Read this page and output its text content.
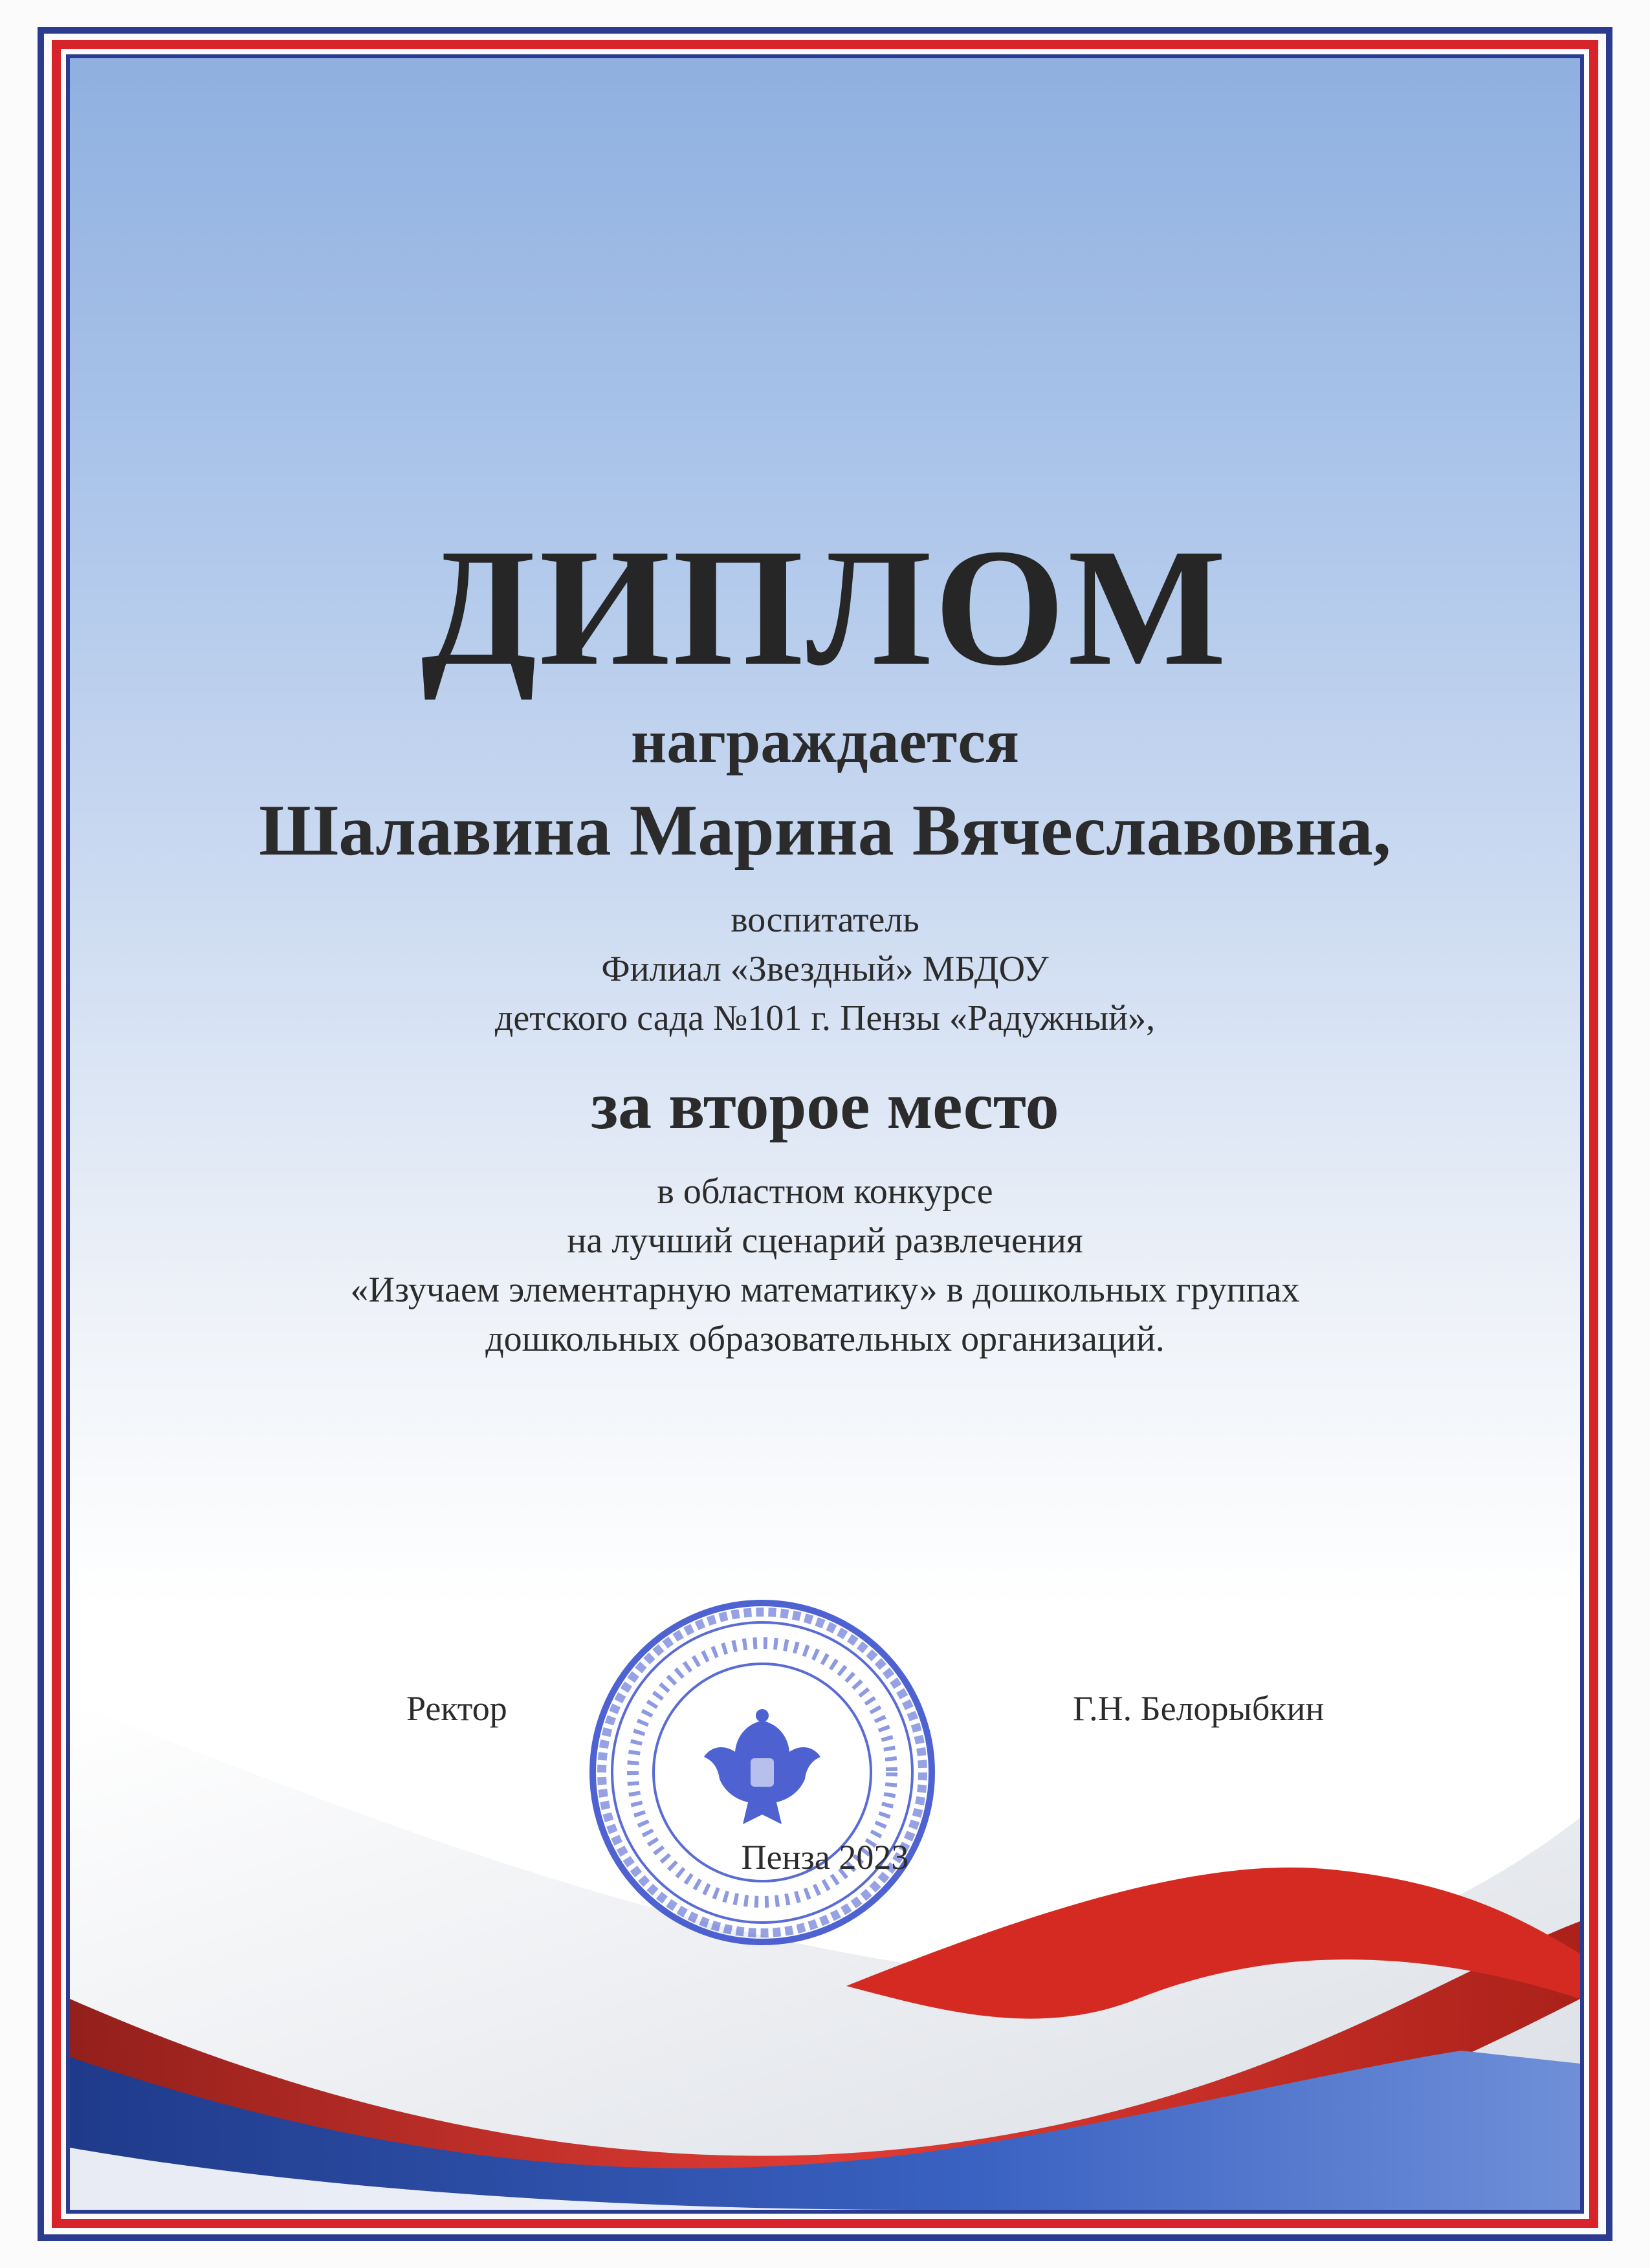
ДИПЛОМ
награждается
Шалавина Марина Вячеславовна,
воспитатель
Филиал «Звездный» МБДОУ
детского сада №101 г. Пензы «Радужный»,
за второе место
в областном конкурсе
на лучший сценарий развлечения
«Изучаем элементарную математику» в дошкольных группах
дошкольных образовательных организаций.
Ректор	Г.Н. Белорыбкин
Пенза 2023
